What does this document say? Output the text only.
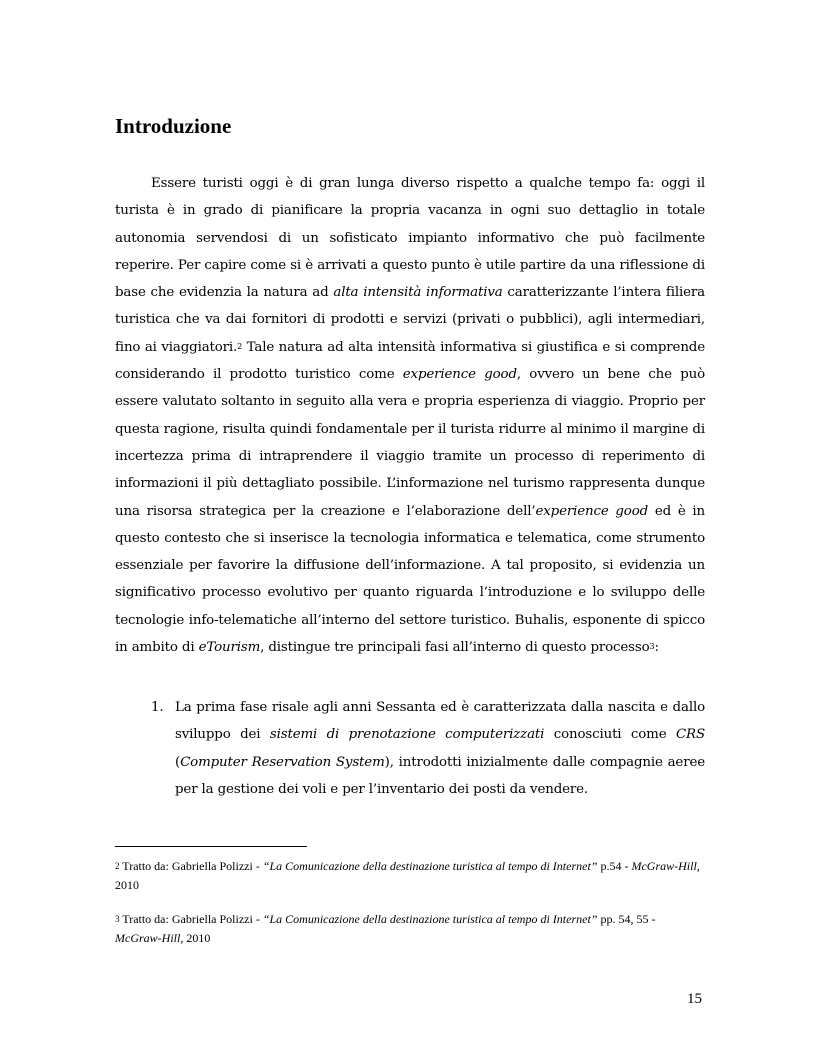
Introduzione

Essere turisti oggi è di gran lunga diverso rispetto a qualche tempo fa: oggi il turista è in grado di pianificare la propria vacanza in ogni suo dettaglio in totale autonomia servendosi di un sofisticato impianto informativo che può facilmente reperire. Per capire come si è arrivati a questo punto è utile partire da una riflessione di base che evidenzia la natura ad alta intensità informativa caratterizzante l’intera filiera turistica che va dai fornitori di prodotti e servizi (privati o pubblici), agli intermediari, fino ai viaggiatori.$^2$ Tale natura ad alta intensità informativa si giustifica e si comprende considerando il prodotto turistico come experience good, ovvero un bene che può essere valutato soltanto in seguito alla vera e propria esperienza di viaggio. Proprio per questa ragione, risulta quindi fondamentale per il turista ridurre al minimo il margine di incertezza prima di intraprendere il viaggio tramite un processo di reperimento di informazioni il più dettagliato possibile. L’informazione nel turismo rappresenta dunque una risorsa strategica per la creazione e l’elaborazione dell’experience good ed è in questo contesto che si inserisce la tecnologia informatica e telematica, come strumento essenziale per favorire la diffusione dell’informazione. A tal proposito, si evidenzia un significativo processo evolutivo per quanto riguarda l’introduzione e lo sviluppo delle tecnologie info-telematiche all’interno del settore turistico. Buhalis, esponente di spicco in ambito di eTourism, distingue tre principali fasi all’interno di questo processo$^3$:

1. La prima fase risale agli anni Sessanta ed è caratterizzata dalla nascita e dallo sviluppo dei sistemi di prenotazione computerizzati conosciuti come CRS (Computer Reservation System), introdotti inizialmente dalle compagnie aeree per la gestione dei voli e per l’inventario dei posti da vendere.

$^2$ Tratto da: Gabriella Polizzi - “La Comunicazione della destinazione turistica al tempo di Internet” p.54 - McGraw-Hill, 2010

$^3$ Tratto da: Gabriella Polizzi - “La Comunicazione della destinazione turistica al tempo di Internet” pp. 54, 55 - McGraw-Hill, 2010

15
